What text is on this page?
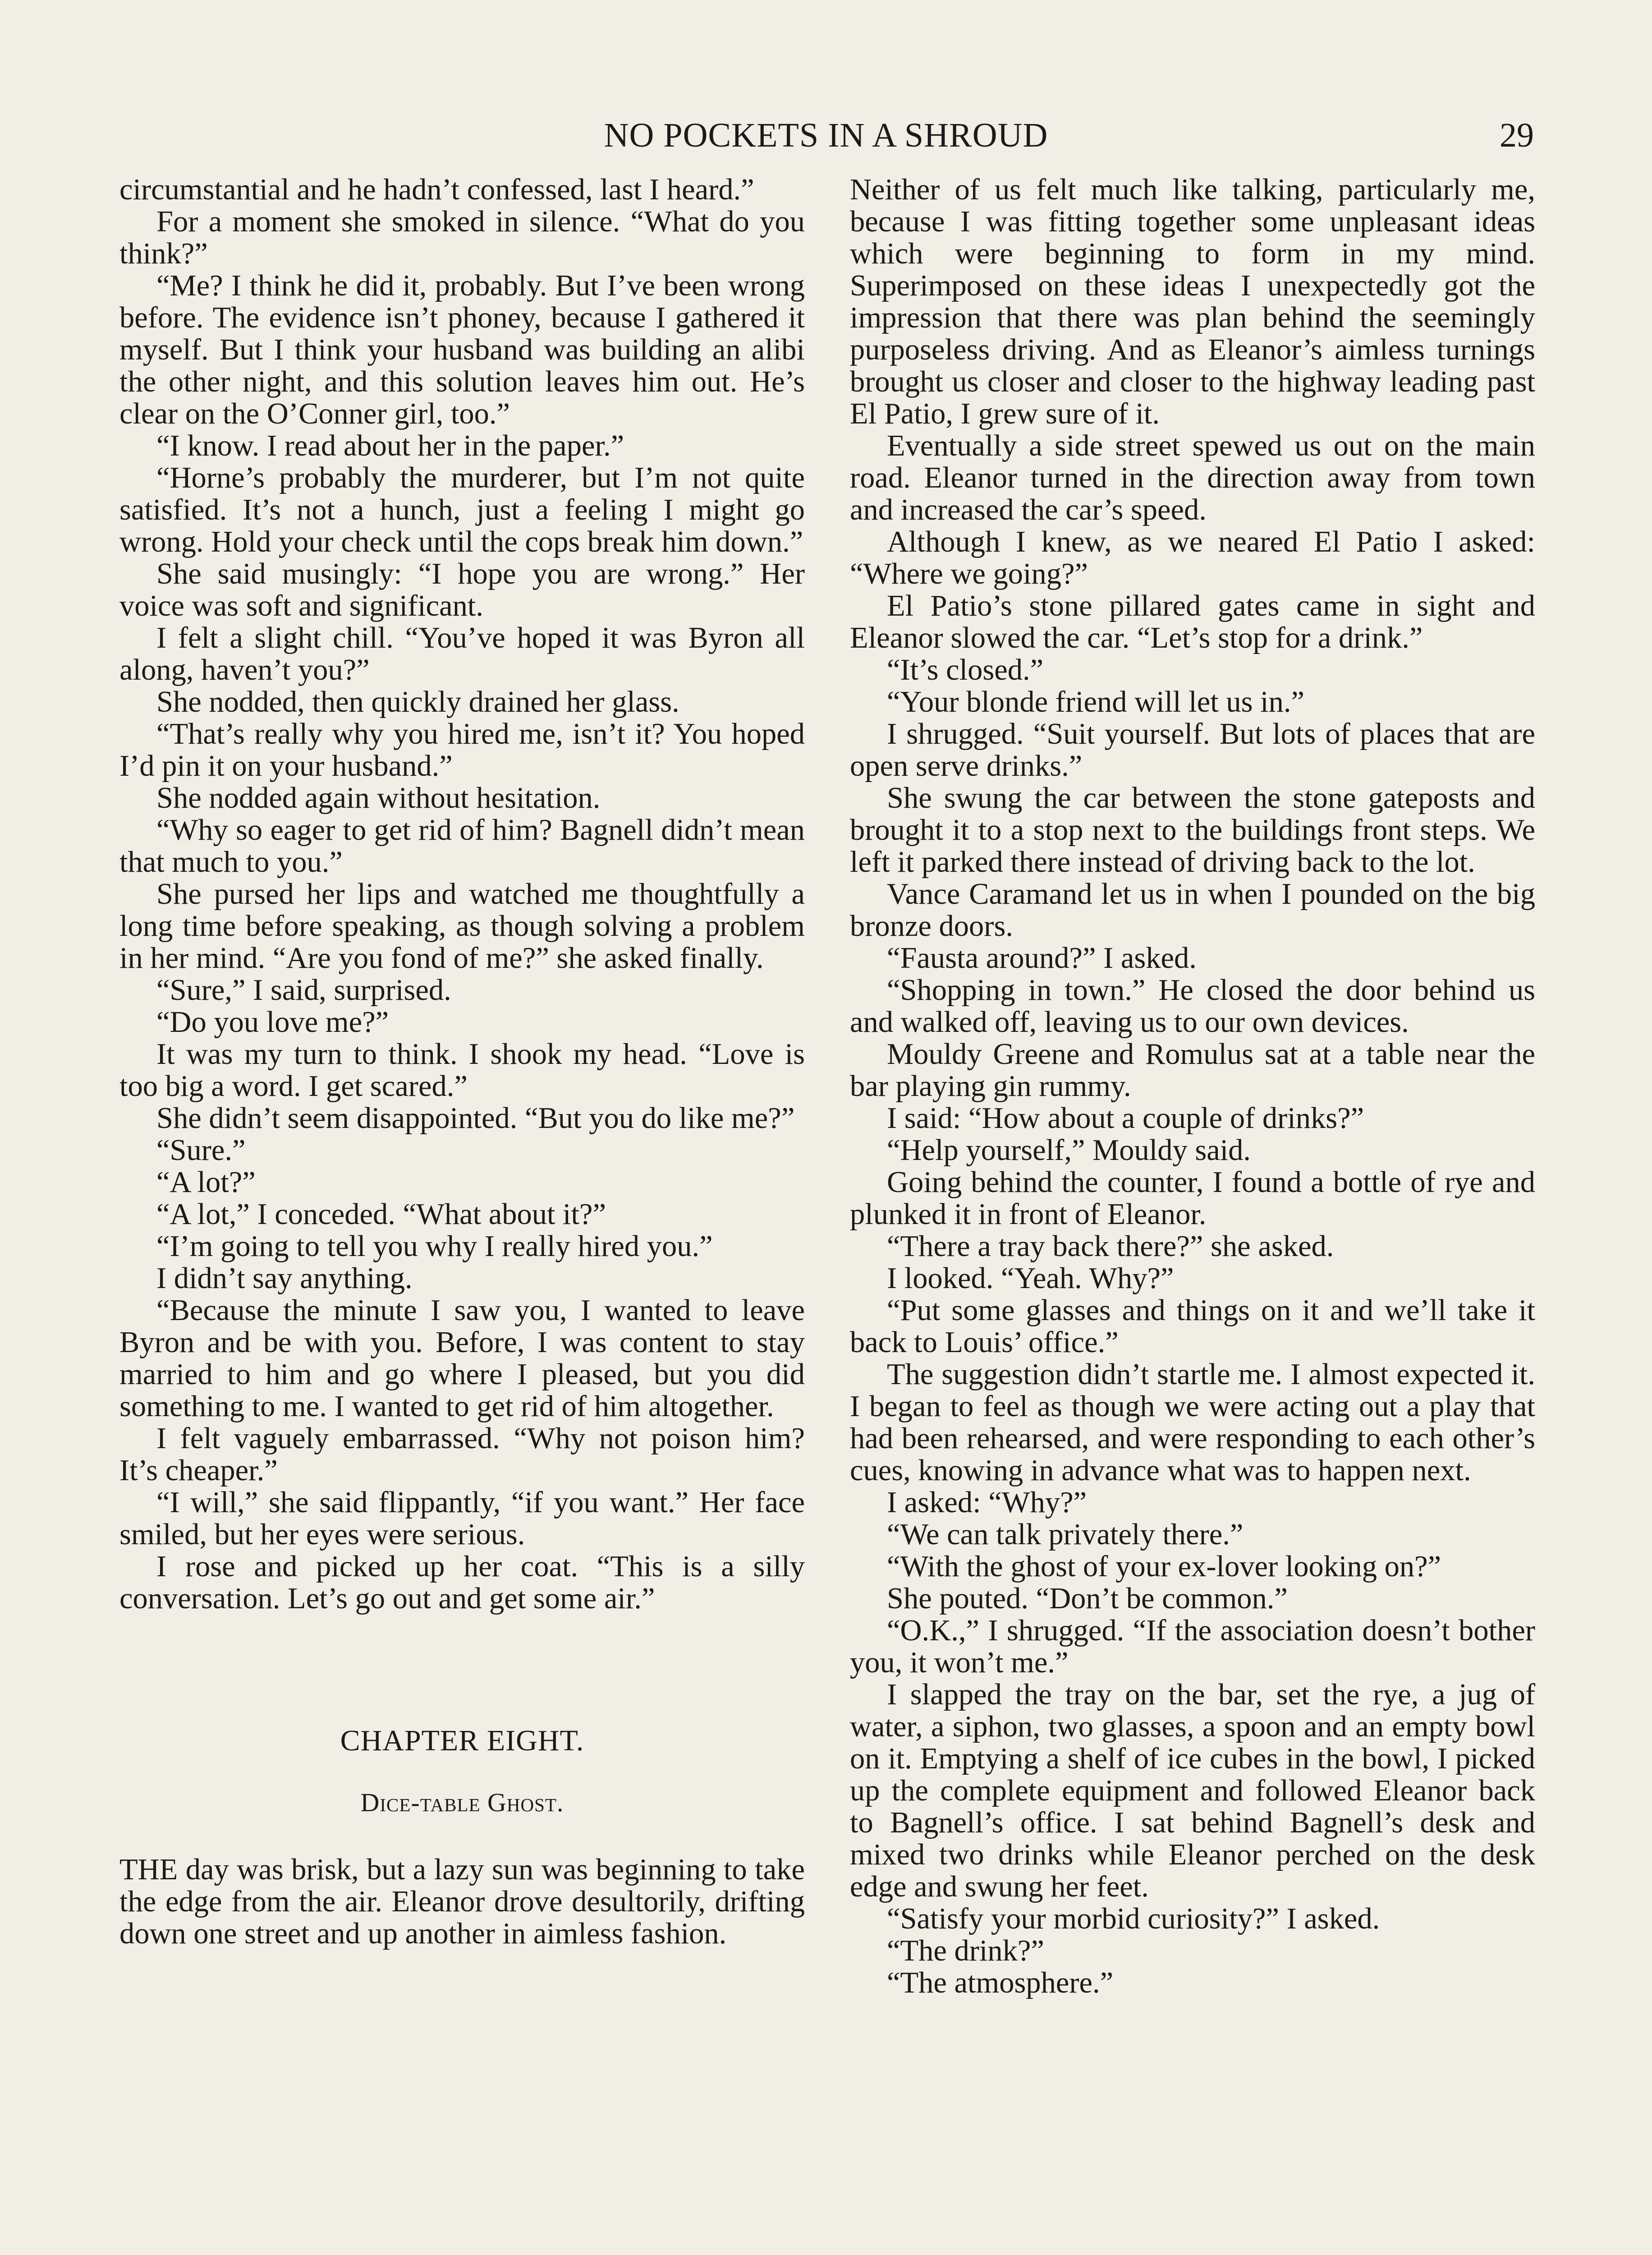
NO POCKETS IN A SHROUD	29

circumstantial and he hadn’t confessed, last I heard.”

For a moment she smoked in silence. “What do you think?”

“Me? I think he did it, probably. But I’ve been wrong before. The evidence isn’t phoney, because I gathered it myself. But I think your husband was building an alibi the other night, and this solution leaves him out. He’s clear on the O’Conner girl, too.”

“I know. I read about her in the paper.”

“Horne’s probably the murderer, but I’m not quite satisfied. It’s not a hunch, just a feeling I might go wrong. Hold your check until the cops break him down.”

She said musingly: “I hope you are wrong.” Her voice was soft and significant.

I felt a slight chill. “You’ve hoped it was Byron all along, haven’t you?”

She nodded, then quickly drained her glass.

“That’s really why you hired me, isn’t it? You hoped I’d pin it on your husband.”

She nodded again without hesitation.

“Why so eager to get rid of him? Bagnell didn’t mean that much to you.”

She pursed her lips and watched me thoughtfully a long time before speaking, as though solving a problem in her mind. “Are you fond of me?” she asked finally.

“Sure,” I said, surprised.

“Do you love me?”

It was my turn to think. I shook my head. “Love is too big a word. I get scared.”

She didn’t seem disappointed. “But you do like me?”

“Sure.”

“A lot?”

“A lot,” I conceded. “What about it?”

“I’m going to tell you why I really hired you.”

I didn’t say anything.

“Because the minute I saw you, I wanted to leave Byron and be with you. Before, I was content to stay married to him and go where I pleased, but you did something to me. I wanted to get rid of him altogether.

I felt vaguely embarrassed. “Why not poison him? It’s cheaper.”

“I will,” she said flippantly, “if you want.” Her face smiled, but her eyes were serious.

I rose and picked up her coat. “This is a silly conversation. Let’s go out and get some air.”

CHAPTER EIGHT.
Dice-table Ghost.

THE day was brisk, but a lazy sun was beginning to take the edge from the air. Eleanor drove desultorily, drifting down one street and up another in aimless fashion.

Neither of us felt much like talking, particularly me, because I was fitting together some unpleasant ideas which were beginning to form in my mind. Superimposed on these ideas I unexpectedly got the impression that there was plan behind the seemingly purposeless driving. And as Eleanor’s aimless turnings brought us closer and closer to the highway leading past El Patio, I grew sure of it.

Eventually a side street spewed us out on the main road. Eleanor turned in the direction away from town and increased the car’s speed.

Although I knew, as we neared El Patio I asked: “Where we going?”

El Patio’s stone pillared gates came in sight and Eleanor slowed the car. “Let’s stop for a drink.”

“It’s closed.”

“Your blonde friend will let us in.”

I shrugged. “Suit yourself. But lots of places that are open serve drinks.”

She swung the car between the stone gateposts and brought it to a stop next to the buildings front steps. We left it parked there instead of driving back to the lot.

Vance Caramand let us in when I pounded on the big bronze doors.

“Fausta around?” I asked.

“Shopping in town.” He closed the door behind us and walked off, leaving us to our own devices.

Mouldy Greene and Romulus sat at a table near the bar playing gin rummy.

I said: “How about a couple of drinks?”

“Help yourself,” Mouldy said.

Going behind the counter, I found a bottle of rye and plunked it in front of Eleanor.

“There a tray back there?” she asked.

I looked. “Yeah. Why?”

“Put some glasses and things on it and we’ll take it back to Louis’ office.”

The suggestion didn’t startle me. I almost expected it. I began to feel as though we were acting out a play that had been rehearsed, and were responding to each other’s cues, knowing in advance what was to happen next.

I asked: “Why?”

“We can talk privately there.”

“With the ghost of your ex-lover looking on?”

She pouted. “Don’t be common.”

“O.K.,” I shrugged. “If the association doesn’t bother you, it won’t me.”

I slapped the tray on the bar, set the rye, a jug of water, a siphon, two glasses, a spoon and an empty bowl on it. Emptying a shelf of ice cubes in the bowl, I picked up the complete equipment and followed Eleanor back to Bagnell’s office. I sat behind Bagnell’s desk and mixed two drinks while Eleanor perched on the desk edge and swung her feet.

“Satisfy your morbid curiosity?” I asked.

“The drink?”

“The atmosphere.”
